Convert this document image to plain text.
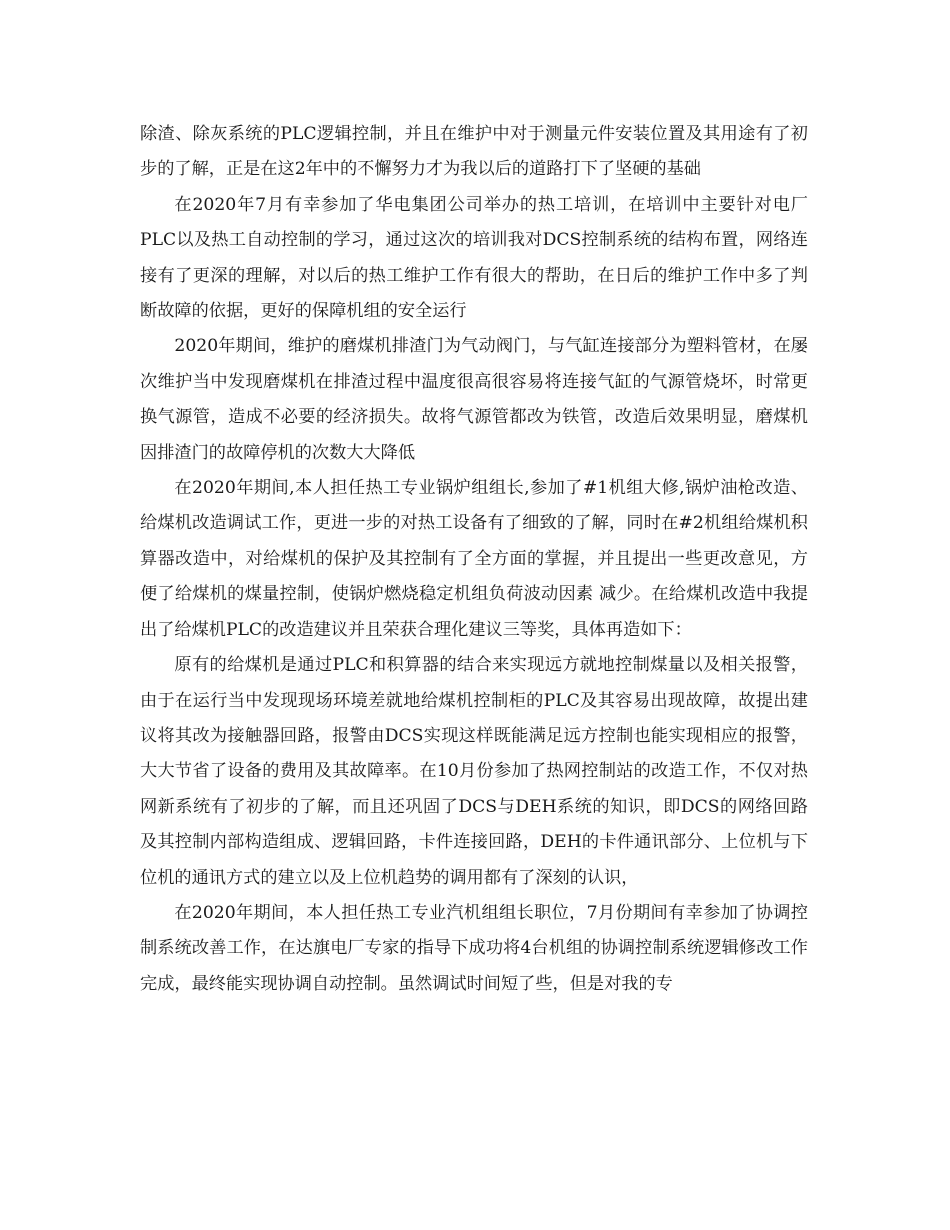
除渣、除灰系统的PLC逻辑控制，并且在维护中对于测量元件安装位置及其用途有了初步的了解，正是在这2年中的不懈努力才为我以后的道路打下了坚硬的基础

在2020年7月有幸参加了华电集团公司举办的热工培训，在培训中主要针对电厂PLC以及热工自动控制的学习，通过这次的培训我对DCS控制系统的结构布置，网络连接有了更深的理解，对以后的热工维护工作有很大的帮助，在日后的维护工作中多了判断故障的依据，更好的保障机组的安全运行

2020年期间，维护的磨煤机排渣门为气动阀门，与气缸连接部分为塑料管材，在屡次维护当中发现磨煤机在排渣过程中温度很高很容易将连接气缸的气源管烧坏，时常更换气源管，造成不必要的经济损失。故将气源管都改为铁管，改造后效果明显，磨煤机因排渣门的故障停机的次数大大降低

在2020年期间,本人担任热工专业锅炉组组长,参加了#1机组大修,锅炉油枪改造、给煤机改造调试工作，更进一步的对热工设备有了细致的了解，同时在#2机组给煤机积算器改造中，对给煤机的保护及其控制有了全方面的掌握，并且提出一些更改意见，方便了给煤机的煤量控制，使锅炉燃烧稳定机组负荷波动因素 减少。在给煤机改造中我提出了给煤机PLC的改造建议并且荣获合理化建议三等奖，具体再造如下：

原有的给煤机是通过PLC和积算器的结合来实现远方就地控制煤量以及相关报警，由于在运行当中发现现场环境差就地给煤机控制柜的PLC及其容易出现故障，故提出建议将其改为接触器回路，报警由DCS实现这样既能满足远方控制也能实现相应的报警，大大节省了设备的费用及其故障率。在10月份参加了热网控制站的改造工作，不仅对热网新系统有了初步的了解，而且还巩固了DCS与DEH系统的知识，即DCS的网络回路及其控制内部构造组成、逻辑回路，卡件连接回路，DEH的卡件通讯部分、上位机与下位机的通讯方式的建立以及上位机趋势的调用都有了深刻的认识，

在2020年期间，本人担任热工专业汽机组组长职位，7月份期间有幸参加了协调控制系统改善工作，在达旗电厂专家的指导下成功将4台机组的协调控制系统逻辑修改工作完成，最终能实现协调自动控制。虽然调试时间短了些，但是对我的专
